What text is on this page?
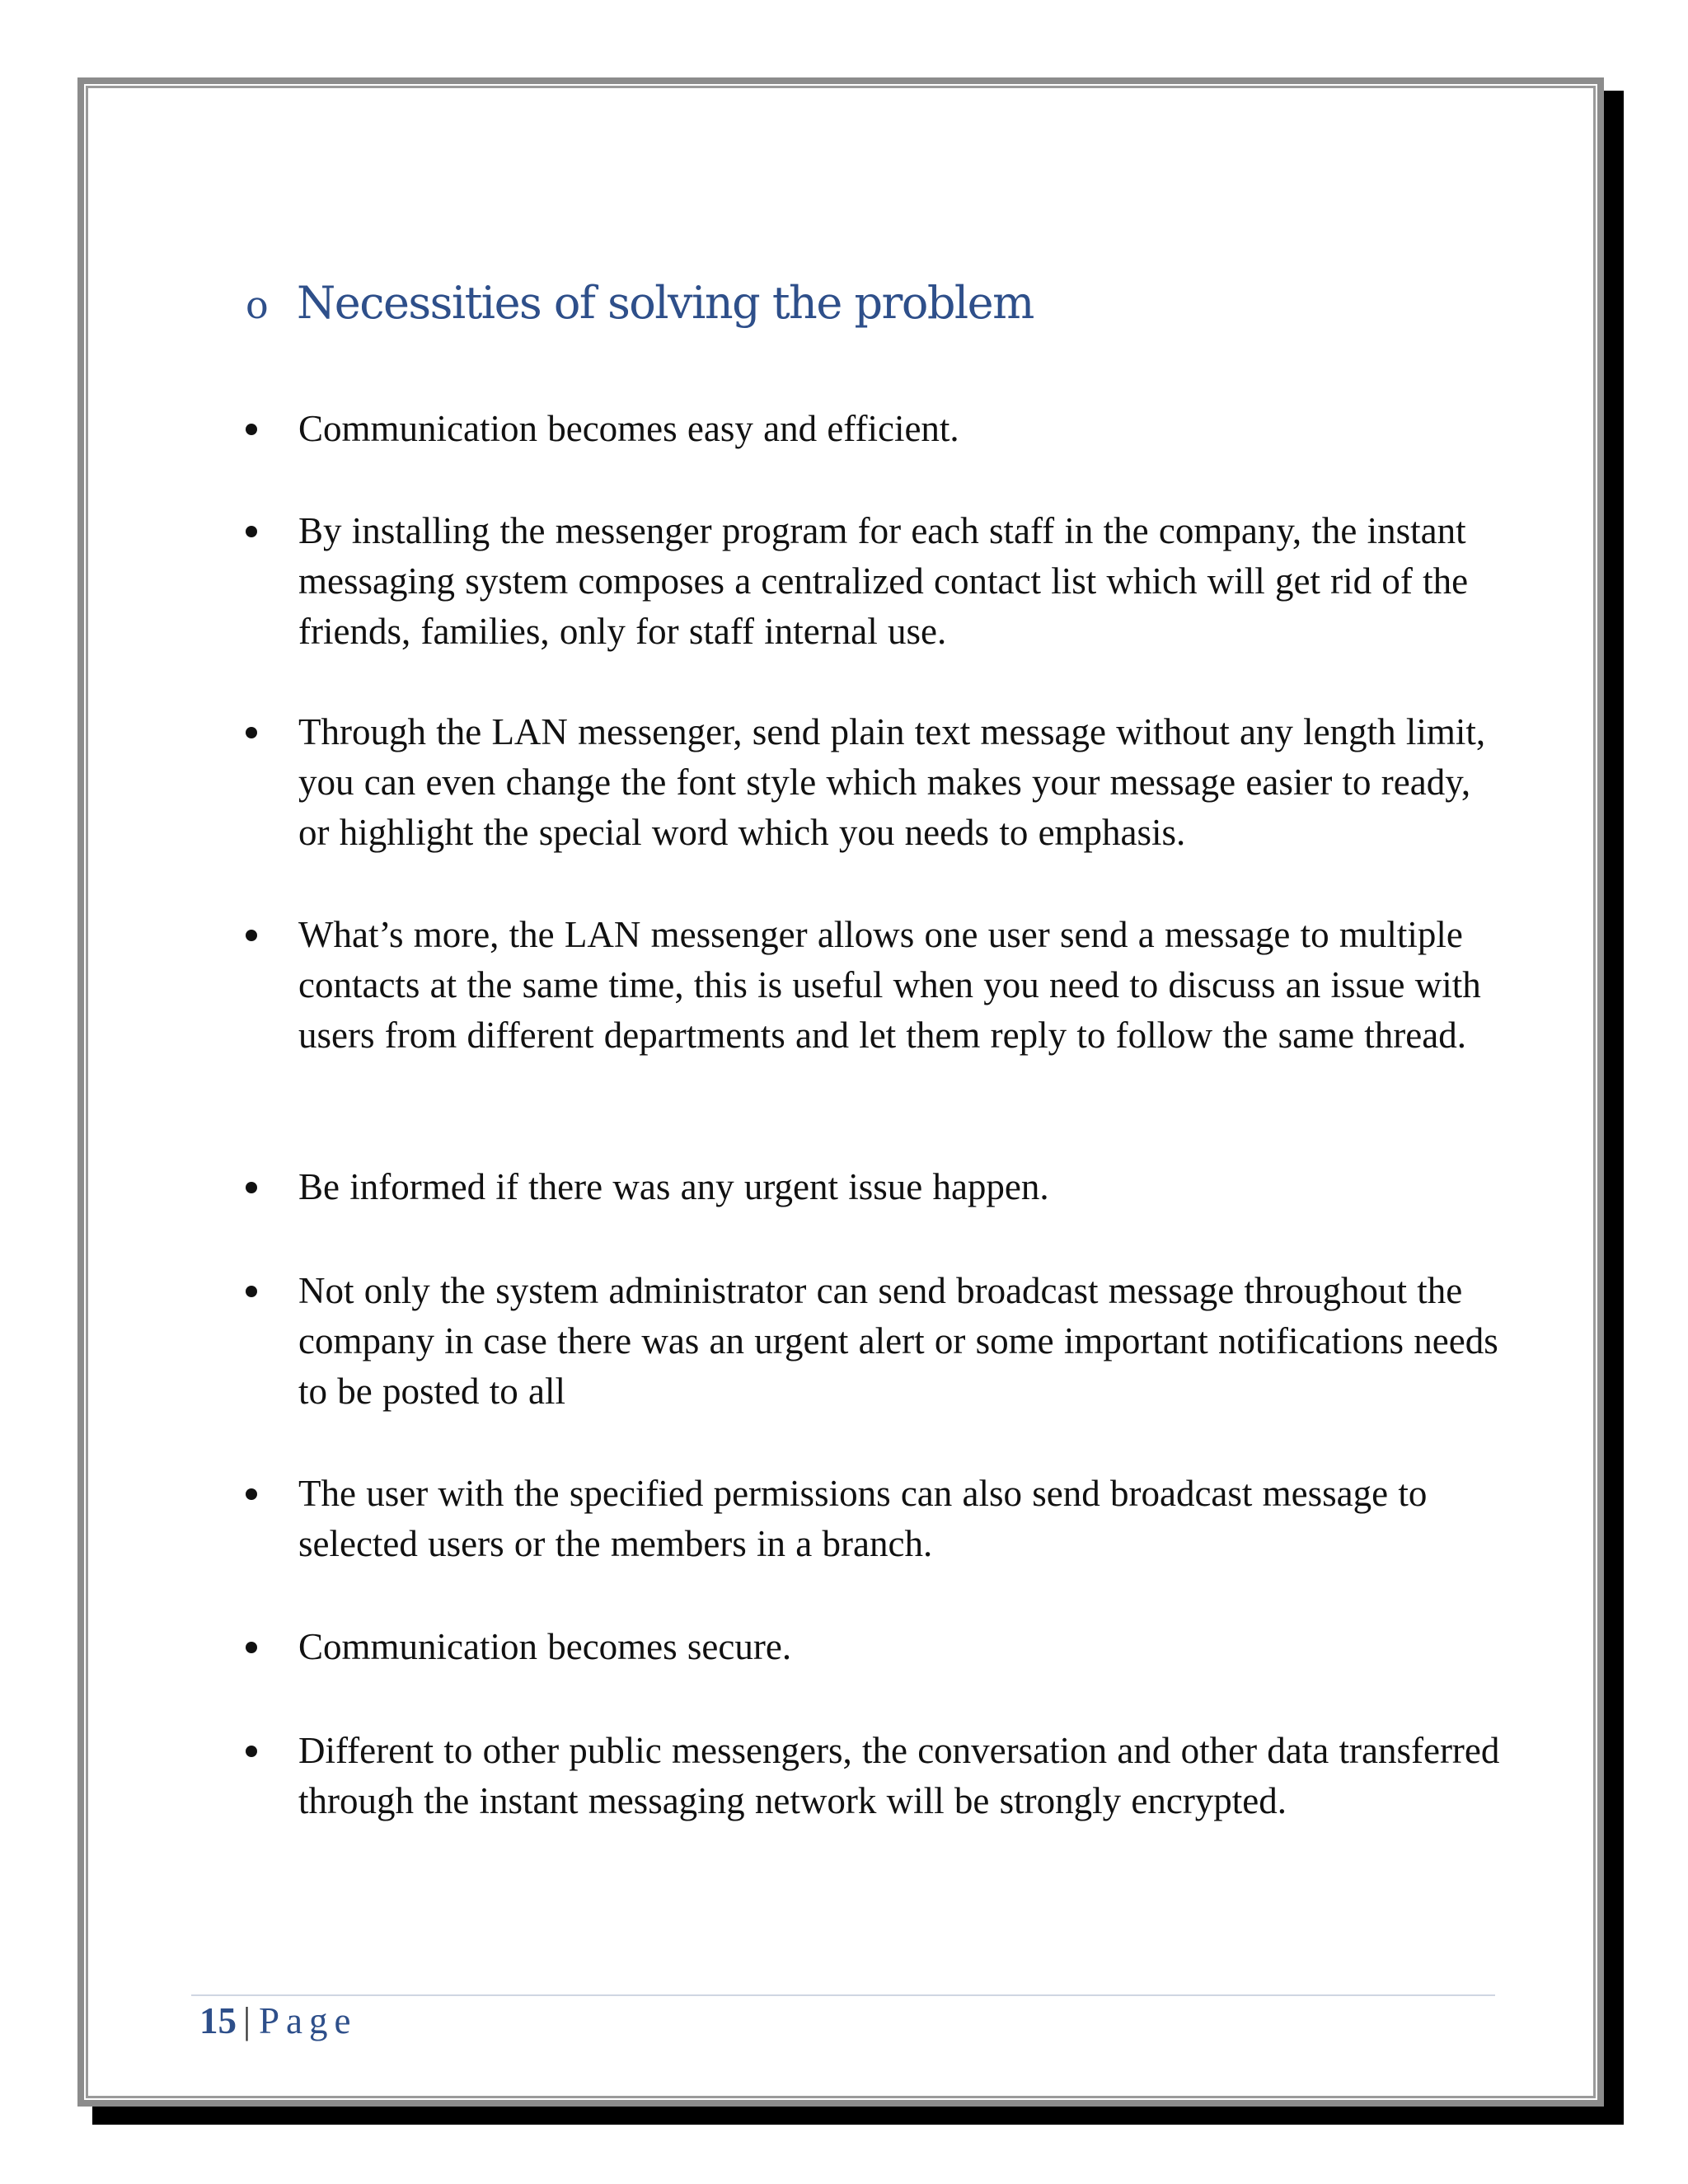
o Necessities of solving the problem
Communication becomes easy and efficient.
By installing the messenger program for each staff in the company, the instant messaging system composes a centralized contact list which will get rid of the friends, families, only for staff internal use.
Through the LAN messenger, send plain text message without any length limit, you can even change the font style which makes your message easier to ready, or highlight the special word which you needs to emphasis.
What’s more, the LAN messenger allows one user send a message to multiple contacts at the same time, this is useful when you need to discuss an issue with users from different departments and let them reply to follow the same thread.
Be informed if there was any urgent issue happen.
Not only the system administrator can send broadcast message throughout the company in case there was an urgent alert or some important notifications needs to be posted to all
The user with the specified permissions can also send broadcast message to selected users or the members in a branch.
Communication becomes secure.
Different to other public messengers, the conversation and other data transferred through the instant messaging network will be strongly encrypted.
15 | Page
